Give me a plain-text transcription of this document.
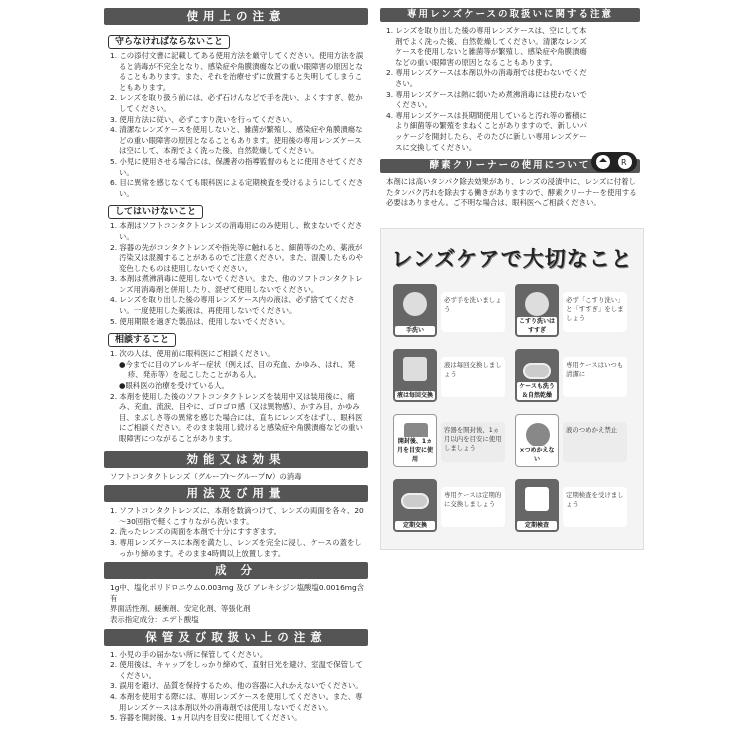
使用上の注意
守らなければならないこと
1. この添付文書に記載してある使用方法を厳守してください。使用方法を誤ると消毒が不完全となり、感染症や角膜潰瘍などの重い眼障害の原因となることもあります。また、それを治療せずに放置すると失明してしまうこともあります。
2. レンズを取り扱う前には、必ず石けんなどで手を洗い、よくすすぎ、乾かしてください。
3. 使用方法に従い、必ずこすり洗いを行ってください。
4. 清潔なレンズケースを使用しないと、雑菌が繁殖し、感染症や角膜潰瘍などの重い眼障害の原因となることもあります。使用後の専用レンズケースは空にして、本剤でよく洗った後、自然乾燥してください。
5. 小児に使用させる場合には、保護者の指導監督のもとに使用させてください。
6. 目に異常を感じなくても眼科医による定期検査を受けるようにしてください。
してはいけないこと
1. 本剤はソフトコンタクトレンズの消毒用にのみ使用し、飲まないでください。
2. 容器の先がコンタクトレンズや指先等に触れると、細菌等のため、薬液が汚染又は混濁することがあるのでご注意ください。また、混濁したものや変色したものは使用しないでください。
3. 本剤は煮沸消毒に使用しないでください。また、他のソフトコンタクトレンズ用消毒剤と併用したり、混ぜて使用しないでください。
4. レンズを取り出した後の専用レンズケース内の液は、必ず捨ててください。一度使用した薬液は、再使用しないでください。
5. 使用期限を過ぎた製品は、使用しないでください。
相談すること
1. 次の人は、使用前に眼科医にご相談ください。
●今までに目のアレルギー症状（例えば、目の充血、かゆみ、はれ、発疹、発赤等）を起こしたことがある人。
●眼科医の治療を受けている人。
2. 本剤を使用した後のソフトコンタクトレンズを装用中又は装用後に、痛み、充血、流涙、目やに、ゴロゴロ感（又は異物感）、かすみ目、かゆみ目、まぶしさ等の異常を感じた場合には、直ちにレンズをはずし、眼科医にご相談ください。そのまま装用し続けると感染症や角膜潰瘍などの重い眼障害につながることがあります。
効能又は効果
ソフトコンタクトレンズ（グループⅠ～グループⅣ）の消毒
用法及び用量
1. ソフトコンタクトレンズに、本剤を数滴つけて、レンズの両面を各々、20～30回指で軽くこすりながら洗います。
2. 洗ったレンズの両面を本剤で十分にすすぎます。
3. 専用レンズケースに本剤を満たし、レンズを完全に浸し、ケースの蓋をしっかり締めます。そのまま4時間以上放置します。
成 分
1g中、塩化ポリドロニウム0.003mg 及び アレキシジン塩酸塩0.0016mg含有
界面活性剤、緩衝剤、安定化剤、等張化剤
表示指定成分：エデト酸塩
保管及び取扱い上の注意
1. 小児の手の届かない所に保管してください。
2. 使用後は、キャップをしっかり締めて、直射日光を避け、室温で保管してください。
3. 誤用を避け、品質を保持するため、他の容器に入れかえないでください。
4. 本剤を使用する際には、専用レンズケースを使用してください。また、専用レンズケースは本剤以外の消毒剤では使用しないでください。
5. 容器を開封後、1ヵ月以内を目安に使用してください。
専用レンズケースの取扱いに関する注意
1. レンズを取り出した後の専用レンズケースは、空にして本剤でよく洗った後、自然乾燥してください。清潔なレンズケースを使用しないと雑菌等が繁殖し、感染症や角膜潰瘍などの重い眼障害の原因となることもあります。
2. 専用レンズケースは本剤以外の消毒剤では使わないでください。
3. 専用レンズケースは熱に弱いため煮沸消毒には使わないでください。
4. 専用レンズケースは長期間使用していると汚れ等の蓄積により細菌等の繁殖をまねくことがありますので、新しいパッケージを開封したら、そのたびに新しい専用レンズケースに交換してください。
酵素クリーナーの使用について
本剤には高いタンパク除去効果があり、レンズの浸漬中に、レンズに付着したタンパク汚れを除去する働きがありますので、酵素クリーナーを使用する必要はありません。ご不明な場合は、眼科医へご相談ください。
R
レンズケアで大切なこと
手洗い
必ず手を洗いましょう
こすり洗いはすすぎ
必ず「こすり洗い」と「すすぎ」をしましょう
液は毎回交換
液は毎回交換しましょう
ケースも洗う＆自然乾燥
専用ケースはいつも清潔に
開封後、1ヵ月を目安に使用
容器を開封後、1ヵ月以内を目安に使用しましょう	×つめかえない
液のつめかえ禁止
定期交換
専用ケースは定期的に交換しましょう
定期検査
定期検査を受けましょう
